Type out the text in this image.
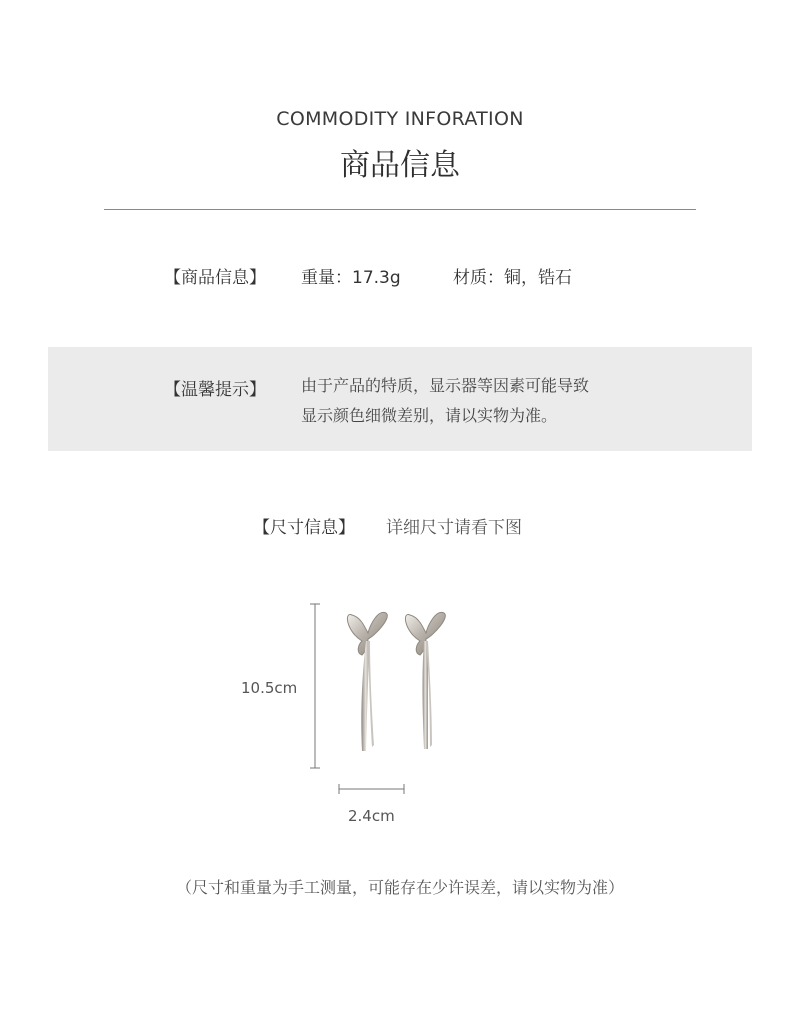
COMMODITY INFORATION
商品信息
【商品信息】 重量：17.3g	材质：铜，锆石
【温馨提示】 由于产品的特质，显示器等因素可能导致
显示颜色细微差别，请以实物为准。
【尺寸信息】 详细尺寸请看下图
10.5cm
2.4cm
（尺寸和重量为手工测量，可能存在少许误差，请以实物为准）
